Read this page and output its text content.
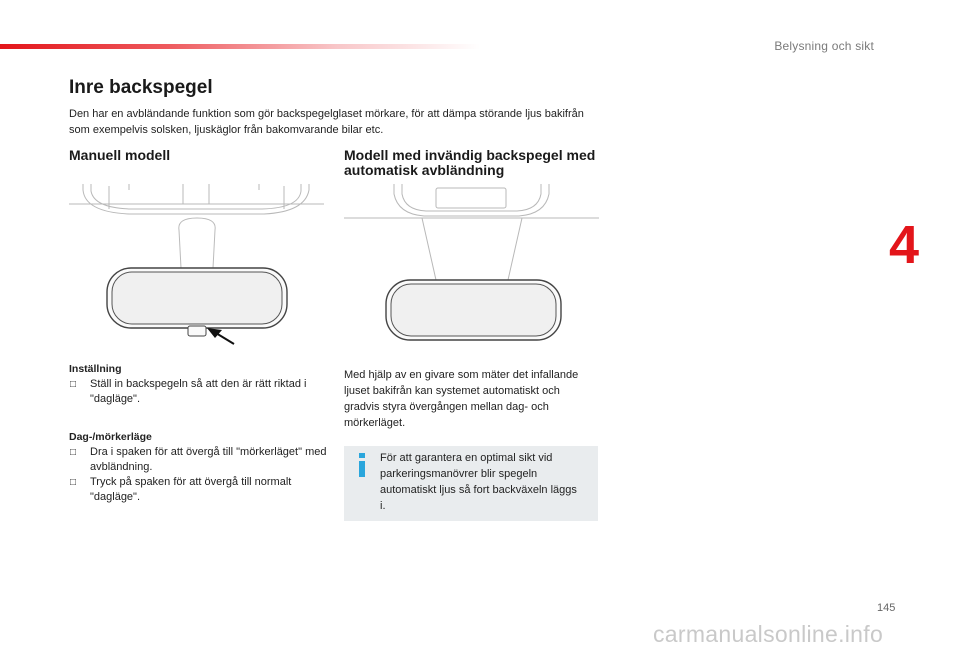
Belysning och sikt
4
Inre backspegel

Den har en avbländande funktion som gör backspegelglaset mörkare, för att dämpa störande ljus bakifrån som exempelvis solsken, ljuskäglor från bakomvarande bilar etc.

Manuell modell	Modell med invändig backspegel med automatisk avbländning

Inställning

□ Ställ in backspegeln så att den är rätt riktad i "dagläge".

Dag-/mörkerläge

□ Dra i spaken för att övergå till "mörkerläget" med avbländning.
□ Tryck på spaken för att övergå till normalt "dagläge".

Med hjälp av en givare som mäter det infallande ljuset bakifrån kan systemet automatiskt och gradvis styra övergången mellan dag- och mörkerläget.

För att garantera en optimal sikt vid parkeringsmanövrer blir spegeln automatiskt ljus så fort backväxeln läggs i.

145
carmanualsonline.info
